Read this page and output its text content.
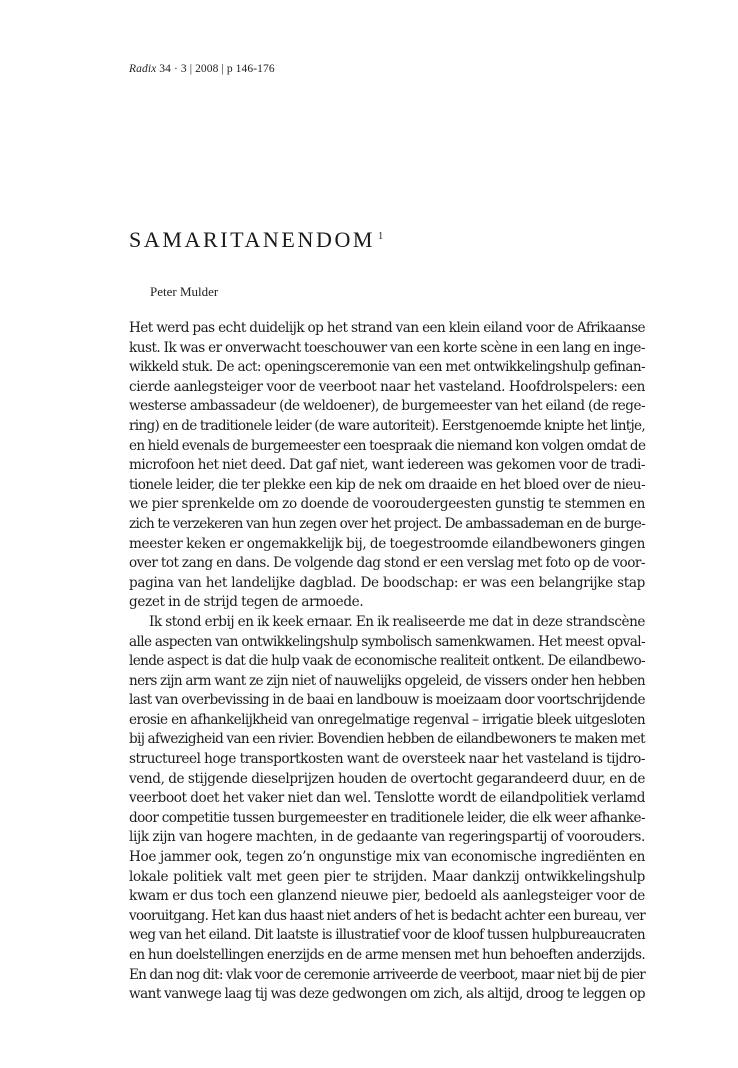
Radix 34 · 3 | 2008 | p 146-176
SAMARITANENDOM $^1$
Peter Mulder
Het werd pas echt duidelijk op het strand van een klein eiland voor de Afrikaanse
kust. Ik was er onverwacht toeschouwer van een korte scène in een lang en inge-
wikkeld stuk. De act: openingsceremonie van een met ontwikkelingshulp gefinan-
cierde aanlegsteiger voor de veerboot naar het vasteland. Hoofdrolspelers: een
westerse ambassadeur (de weldoener), de burgemeester van het eiland (de rege-
ring) en de traditionele leider (de ware autoriteit). Eerstgenoemde knipte het lintje,
en hield evenals de burgemeester een toespraak die niemand kon volgen omdat de
microfoon het niet deed. Dat gaf niet, want iedereen was gekomen voor de tradi-
tionele leider, die ter plekke een kip de nek om draaide en het bloed over de nieu-
we pier sprenkelde om zo doende de vooroudergeesten gunstig te stemmen en
zich te verzekeren van hun zegen over het project. De ambassademan en de burge-
meester keken er ongemakkelijk bij, de toegestroomde eilandbewoners gingen
over tot zang en dans. De volgende dag stond er een verslag met foto op de voor-
pagina van het landelijke dagblad. De boodschap: er was een belangrijke stap
gezet in de strijd tegen de armoede.
Ik stond erbij en ik keek ernaar. En ik realiseerde me dat in deze strandscène
alle aspecten van ontwikkelingshulp symbolisch samenkwamen. Het meest opval-
lende aspect is dat die hulp vaak de economische realiteit ontkent. De eilandbewo-
ners zijn arm want ze zijn niet of nauwelijks opgeleid, de vissers onder hen hebben
last van overbevissing in de baai en landbouw is moeizaam door voortschrijdende
erosie en afhankelijkheid van onregelmatige regenval – irrigatie bleek uitgesloten
bij afwezigheid van een rivier. Bovendien hebben de eilandbewoners te maken met
structureel hoge transportkosten want de oversteek naar het vasteland is tijdro-
vend, de stijgende dieselprijzen houden de overtocht gegarandeerd duur, en de
veerboot doet het vaker niet dan wel. Tenslotte wordt de eilandpolitiek verlamd
door competitie tussen burgemeester en traditionele leider, die elk weer afhanke-
lijk zijn van hogere machten, in de gedaante van regeringspartij of voorouders.
Hoe jammer ook, tegen zo’n ongunstige mix van economische ingrediënten en
lokale politiek valt met geen pier te strijden. Maar dankzij ontwikkelingshulp
kwam er dus toch een glanzend nieuwe pier, bedoeld als aanlegsteiger voor de
vooruitgang. Het kan dus haast niet anders of het is bedacht achter een bureau, ver
weg van het eiland. Dit laatste is illustratief voor de kloof tussen hulpbureaucraten
en hun doelstellingen enerzijds en de arme mensen met hun behoeften anderzijds.
En dan nog dit: vlak voor de ceremonie arriveerde de veerboot, maar niet bij de pier
want vanwege laag tij was deze gedwongen om zich, als altijd, droog te leggen op
